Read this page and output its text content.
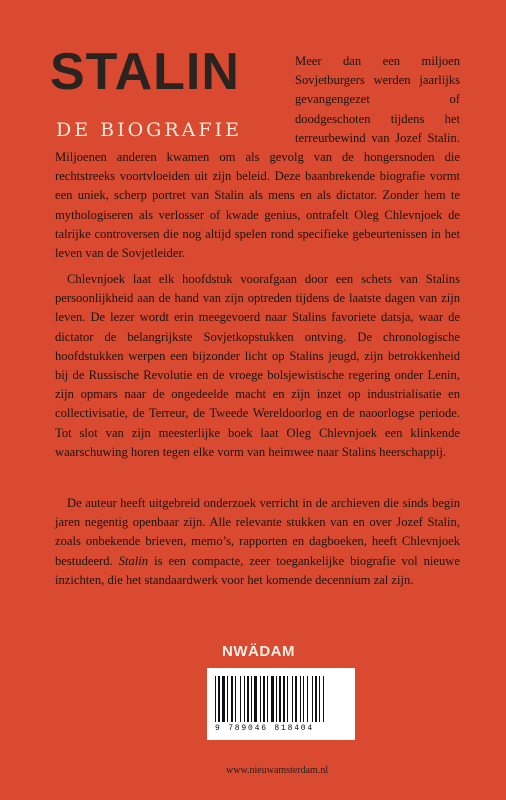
STALIN
DE BIOGRAFIE

Meer dan een miljoen Sovjetburgers werden jaarlijks gevangengezet of doodgeschoten tijdens het terreurbewind van Jozef Stalin. Miljoenen anderen kwamen om als gevolg van de hongersnoden die rechtstreeks voortvloeiden uit zijn beleid. Deze baanbrekende biografie vormt een uniek, scherp portret van Stalin als mens en als dictator. Zonder hem te mythologiseren als verlosser of kwade genius, ontrafelt Oleg Chlevnjoek de talrijke controversen die nog altijd spelen rond specifieke gebeurtenissen in het leven van de Sovjetleider.

Chlevnjoek laat elk hoofdstuk voorafgaan door een schets van Stalins persoonlijkheid aan de hand van zijn optreden tijdens de laatste dagen van zijn leven. De lezer wordt erin meegevoerd naar Stalins favoriete datsja, waar de dictator de belangrijkste Sovjetkopstukken ontving. De chronologische hoofdstukken werpen een bijzonder licht op Stalins jeugd, zijn betrokkenheid bij de Russische Revolutie en de vroege bolsjewistische regering onder Lenin, zijn opmars naar de ongedeelde macht en zijn inzet op industrialisatie en collectivisatie, de Terreur, de Tweede Wereldoorlog en de naoorlogse periode. Tot slot van zijn meesterlijke boek laat Oleg Chlevnjoek een klinkende waarschuwing horen tegen elke vorm van heimwee naar Stalins heerschappij.

De auteur heeft uitgebreid onderzoek verricht in de archieven die sinds begin jaren negentig openbaar zijn. Alle relevante stukken van en over Jozef Stalin, zoals onbekende brieven, memo’s, rapporten en dagboeken, heeft Chlevnjoek bestudeerd. Stalin is een compacte, zeer toegankelijke biografie vol nieuwe inzichten, die het standaardwerk voor het komende decennium zal zijn.

NWÄDAM
9 789046 818404
www.nieuwamsterdam.nl
